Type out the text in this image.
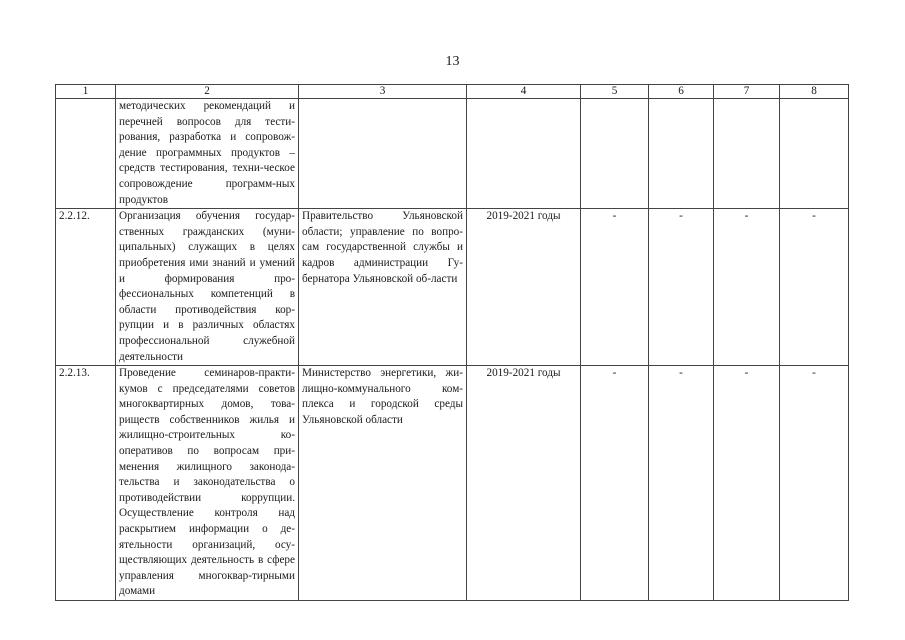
13
1	2	3	4	5	6	7	8
	методических рекомендаций и перечней вопросов для тести-рования, разработка и сопровож-дение программных продуктов – средств тестирования, техни-ческое сопровождение программ-ных продуктов						
2.2.12.	Организация обучения государ-ственных гражданских (муни-ципальных) служащих в целях приобретения ими знаний и умений и формирования про-фессиональных компетенций в области противодействия кор-рупции и в различных областях профессиональной служебной деятельности	Правительство Ульяновской области; управление по вопро-сам государственной службы и кадров администрации Гу-бернатора Ульяновской об-ласти	2019-2021 годы	-	-	-	-
2.2.13.	Проведение семинаров-практи-кумов с председателями советов многоквартирных домов, това-риществ собственников жилья и жилищно-строительных ко-оперативов по вопросам при-менения жилищного законода-тельства и законодательства о противодействии коррупции. Осуществление контроля над раскрытием информации о де-ятельности организаций, осу-ществляющих деятельность в сфере управления многоквар-тирными домами	Министерство энергетики, жи-лищно-коммунального ком-плекса и городской среды Ульяновской области	2019-2021 годы	-	-	-	-
